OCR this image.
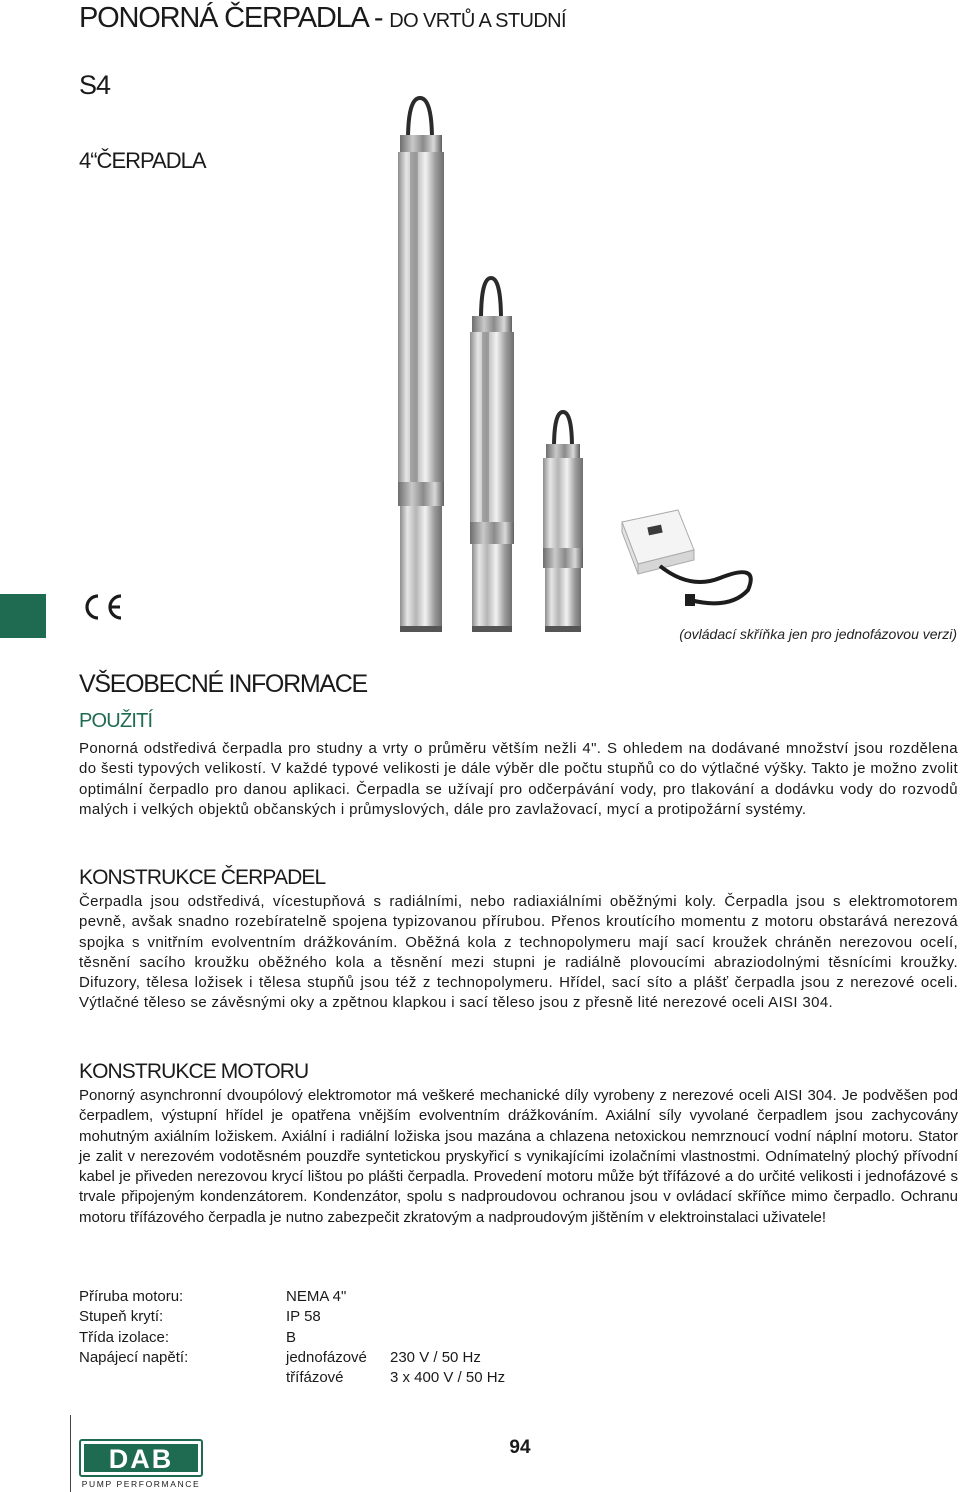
PONORNÁ ČERPADLA - DO VRTŮ A STUDNÍ
S4
4“ČERPADLA
(ovládací skříňka jen pro jednofázovou verzi)
VŠEOBECNÉ INFORMACE
POUŽITÍ
Ponorná odstředivá čerpadla pro studny a vrty o průměru větším nežli 4". S ohledem na dodávané množství jsou rozdělena do šesti typových velikostí. V každé typové velikosti je dále výběr dle počtu stupňů co do výtlačné výšky. Takto je možno zvolit optimální čerpadlo pro danou aplikaci. Čerpadla se užívají pro odčerpávání vody, pro tlakování a dodávku vody do rozvodů malých i velkých objektů občanských i průmyslových, dále pro zavlažovací, mycí a protipožární systémy.
KONSTRUKCE ČERPADEL
Čerpadla jsou odstředivá, vícestupňová s radiálními, nebo radiaxiálními oběžnými koly. Čerpadla jsou s elektromotorem pevně, avšak snadno rozebíratelně spojena typizovanou přírubou. Přenos kroutícího momentu z motoru obstarává nerezová spojka s vnitřním evolventním drážkováním. Oběžná kola z technopolymeru mají sací kroužek chráněn nerezovou ocelí, těsnění sacího kroužku oběžného kola a těsnění mezi stupni je radiálně plovoucími abraziodolnými těsnícími kroužky. Difuzory, tělesa ložisek i tělesa stupňů jsou též z technopolymeru. Hřídel, sací síto a plášť čerpadla jsou z nerezové oceli. Výtlačné těleso se závěsnými oky a zpětnou klapkou i sací těleso jsou z přesně lité nerezové oceli AISI 304.
KONSTRUKCE MOTORU
Ponorný asynchronní dvoupólový elektromotor má veškeré mechanické díly vyrobeny z nerezové oceli AISI 304. Je podvěšen pod čerpadlem, výstupní hřídel je opatřena vnějším evolventním drážkováním. Axiální síly vyvolané čerpadlem jsou zachycovány mohutným axiálním ložiskem. Axiální i radiální ložiska jsou mazána a chlazena netoxickou nemrznoucí vodní náplní motoru. Stator je zalit v nerezovém vodotěsném pouzdře syntetickou pryskyřicí s vynikajícími izolačními vlastnostmi. Odnímatelný plochý přívodní kabel je přiveden nerezovou krycí lištou po plášti čerpadla. Provedení motoru může být třífázové a do určité velikosti i jednofázové s trvale připojeným kondenzátorem. Kondenzátor, spolu s nadproudovou ochranou jsou v ovládací skříňce mimo čerpadlo. Ochranu motoru třífázového čerpadla je nutno zabezpečit zkratovým a nadproudovým jištěním v elektroinstalaci uživatele!
Příruba motoru:	NEMA 4"
Stupeň krytí:	IP 58
Třída izolace:	B
Napájecí napětí:	jednofázové	230 V / 50 Hz
třífázové	3 x 400 V / 50 Hz
DAB
PUMP PERFORMANCE
94
